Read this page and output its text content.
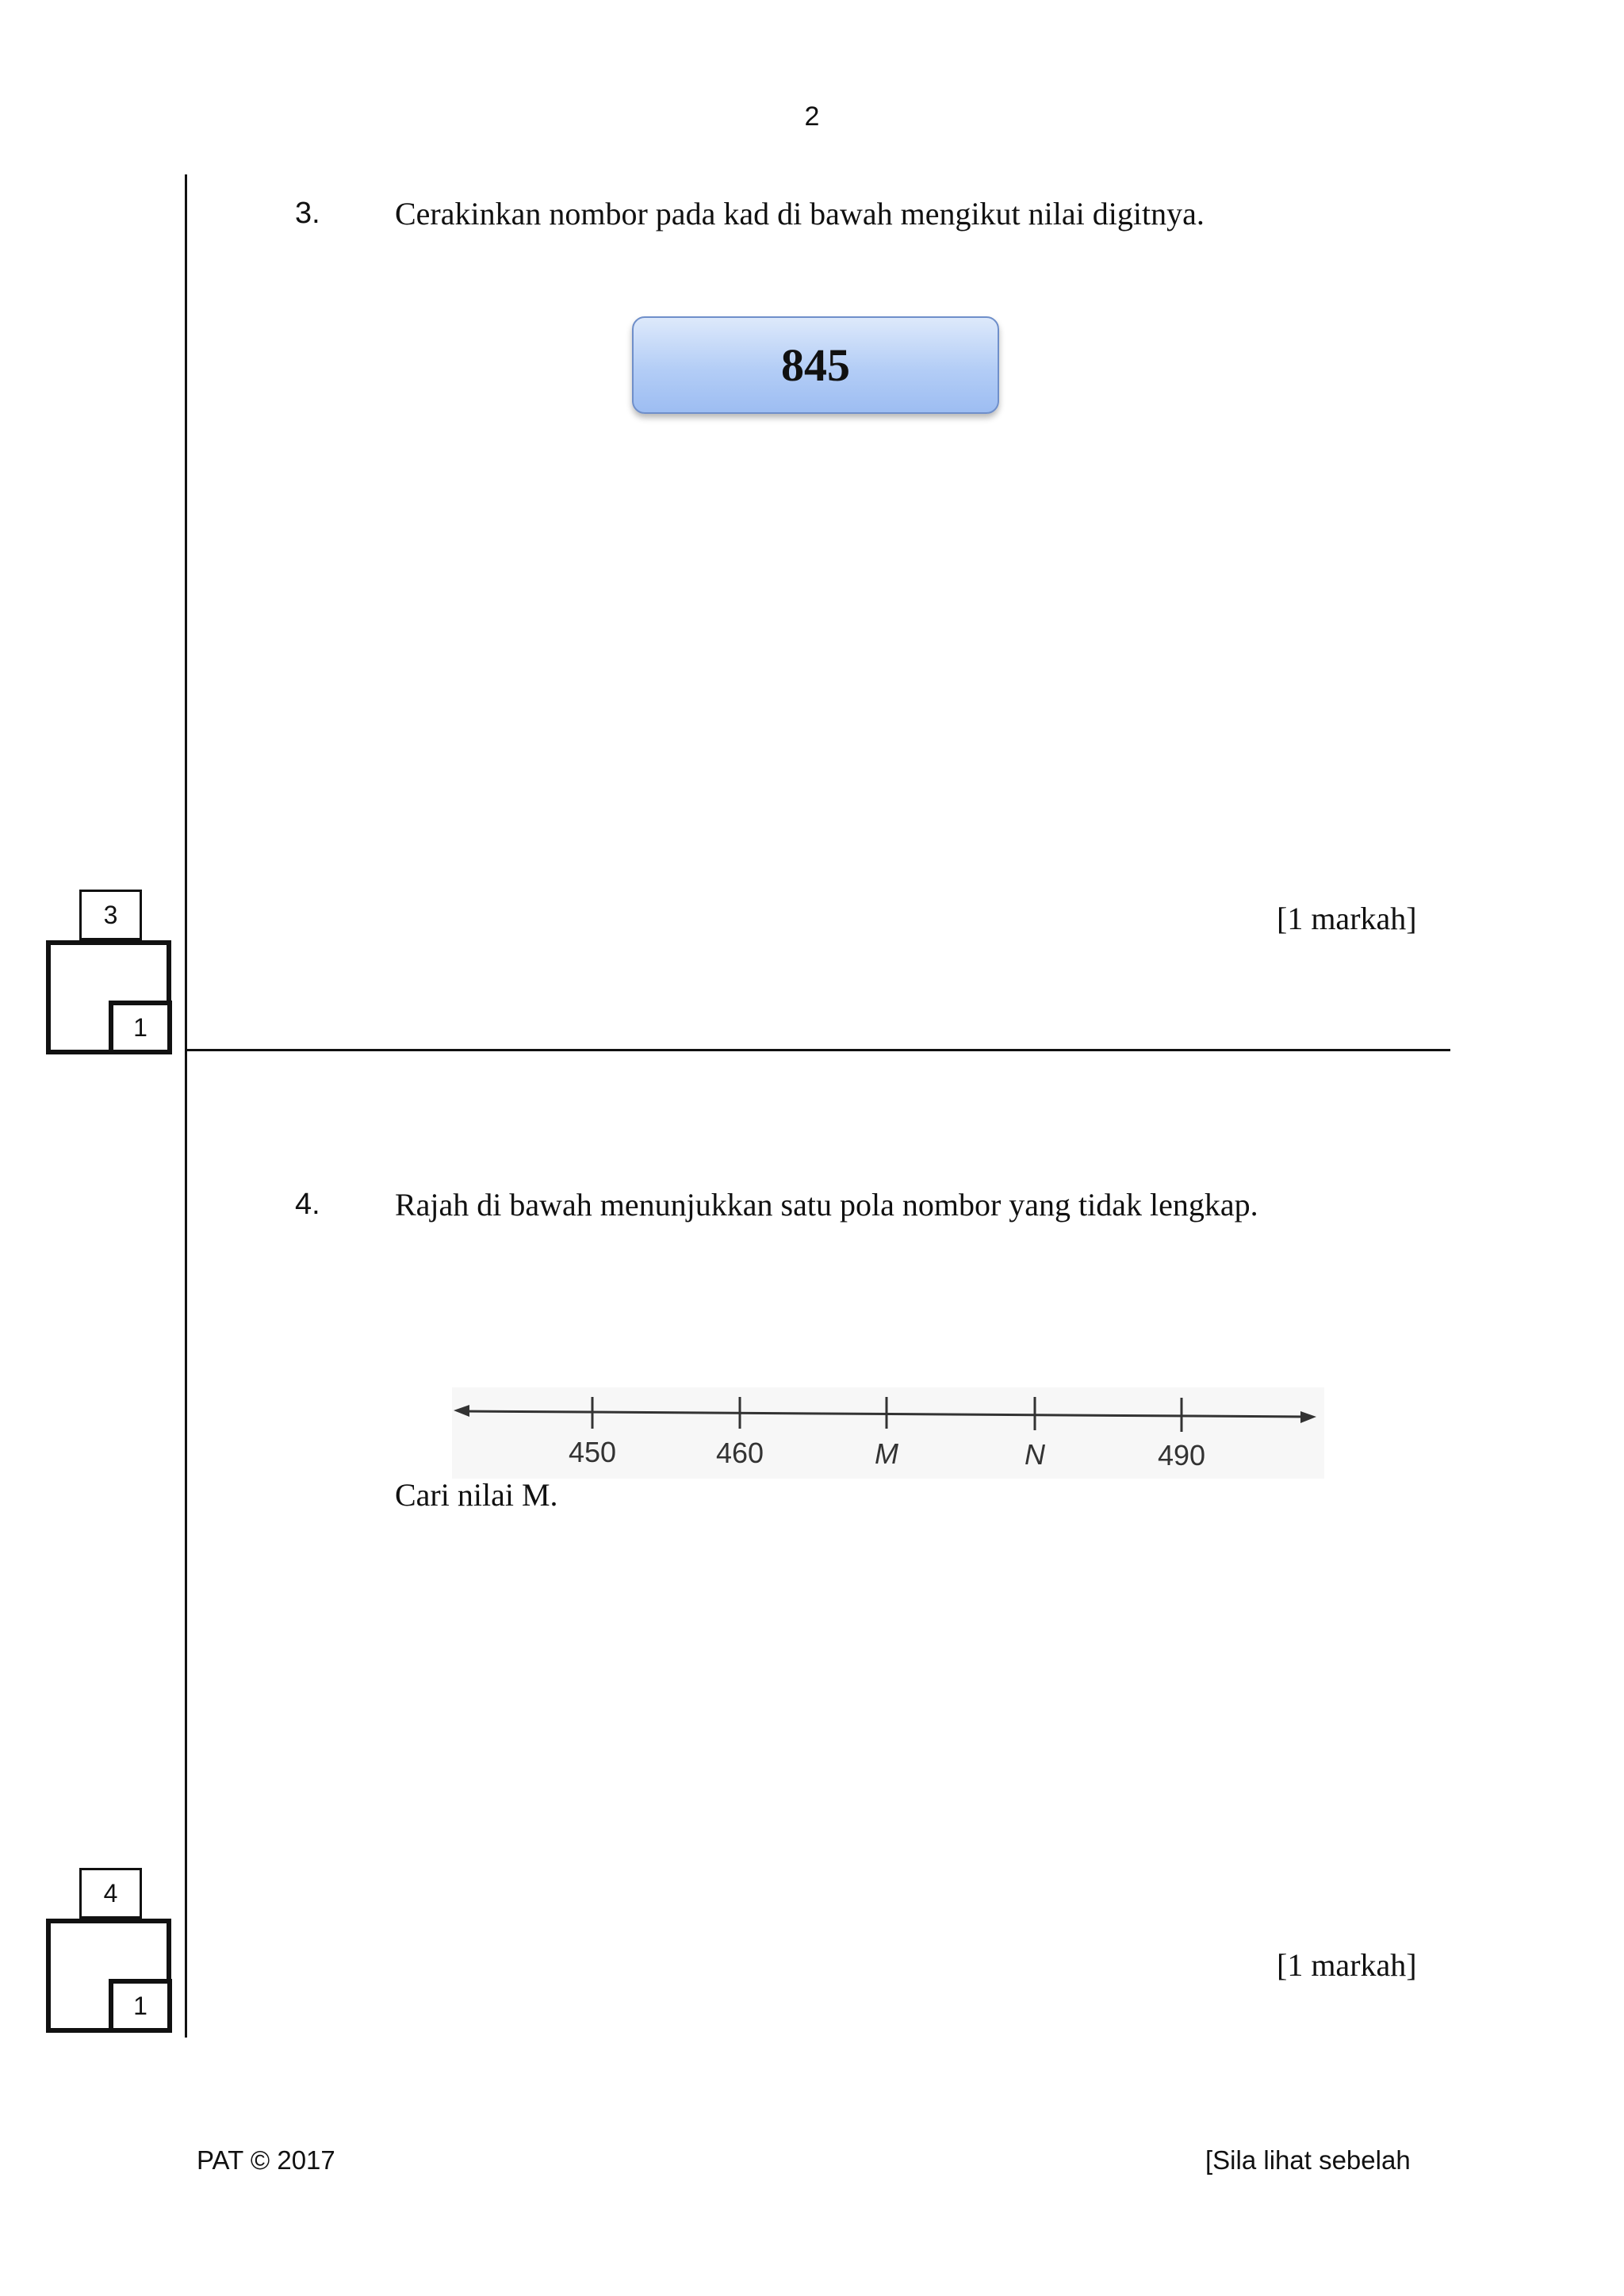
2
3. Cerakinkan nombor pada kad di bawah mengikut nilai digitnya.
845
[1 markah]
3
1
4. Rajah di bawah menunjukkan satu pola nombor yang tidak lengkap.
450	460	M	N	490
Cari nilai M.
[1 markah]
4
1
PAT © 2017	[Sila lihat sebelah
